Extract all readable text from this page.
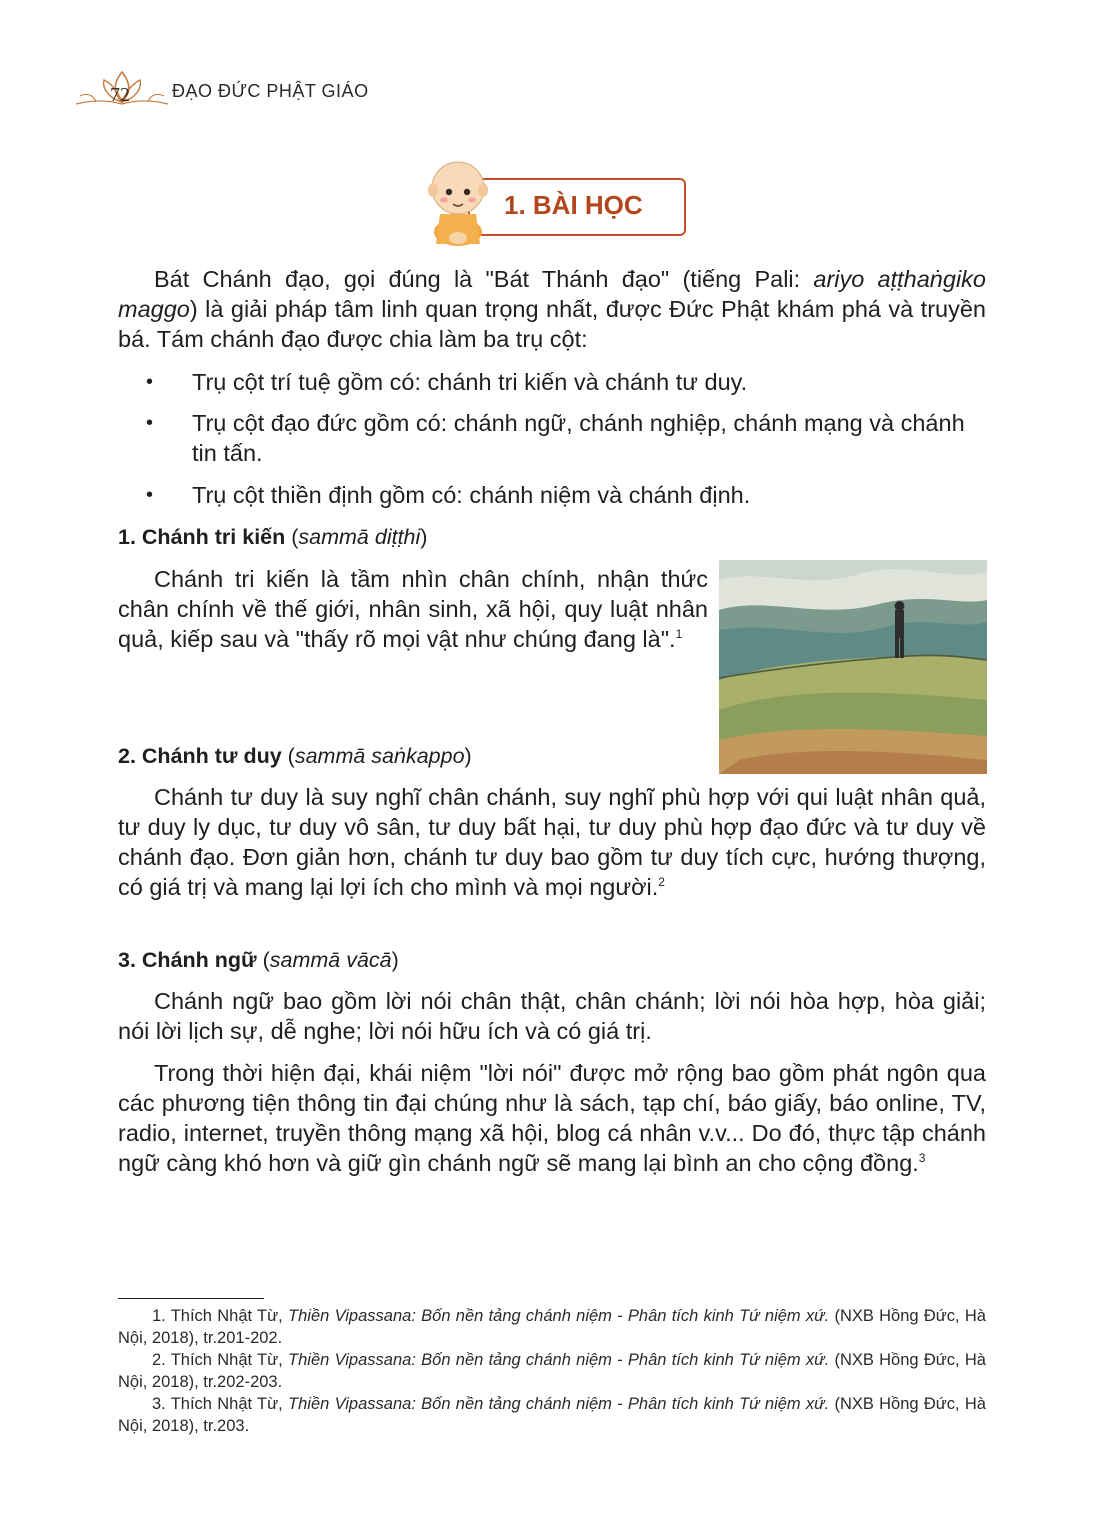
72 ĐẠO ĐỨC PHẬT GIÁO
1. BÀI HỌC

Bát Chánh đạo, gọi đúng là "Bát Thánh đạo" (tiếng Pali: ariyo aṭṭhaṅgiko maggo) là giải pháp tâm linh quan trọng nhất, được Đức Phật khám phá và truyền bá. Tám chánh đạo được chia làm ba trụ cột:

• Trụ cột trí tuệ gồm có: chánh tri kiến và chánh tư duy.
• Trụ cột đạo đức gồm có: chánh ngữ, chánh nghiệp, chánh mạng và chánh tin tấn.
• Trụ cột thiền định gồm có: chánh niệm và chánh định.

1. Chánh tri kiến (sammā diṭṭhi)

Chánh tri kiến là tầm nhìn chân chính, nhận thức chân chính về thế giới, nhân sinh, xã hội, quy luật nhân quả, kiếp sau và "thấy rõ mọi vật như chúng đang là".$^1$

2. Chánh tư duy (sammā saṅkappo)

Chánh tư duy là suy nghĩ chân chánh, suy nghĩ phù hợp với qui luật nhân quả, tư duy ly dục, tư duy vô sân, tư duy bất hại, tư duy phù hợp đạo đức và tư duy về chánh đạo. Đơn giản hơn, chánh tư duy bao gồm tư duy tích cực, hướng thượng, có giá trị và mang lại lợi ích cho mình và mọi người.$^2$

3. Chánh ngữ (sammā vācā)

Chánh ngữ bao gồm lời nói chân thật, chân chánh; lời nói hòa hợp, hòa giải; nói lời lịch sự, dễ nghe; lời nói hữu ích và có giá trị.

Trong thời hiện đại, khái niệm "lời nói" được mở rộng bao gồm phát ngôn qua các phương tiện thông tin đại chúng như là sách, tạp chí, báo giấy, báo online, TV, radio, internet, truyền thông mạng xã hội, blog cá nhân v.v... Do đó, thực tập chánh ngữ càng khó hơn và giữ gìn chánh ngữ sẽ mang lại bình an cho cộng đồng.$^3$

1. Thích Nhật Từ, Thiền Vipassana: Bốn nền tảng chánh niệm - Phân tích kinh Tứ niệm xứ. (NXB Hồng Đức, Hà Nội, 2018), tr.201-202.

2. Thích Nhật Từ, Thiền Vipassana: Bốn nền tảng chánh niệm - Phân tích kinh Tứ niệm xứ. (NXB Hồng Đức, Hà Nội, 2018), tr.202-203.

3. Thích Nhật Từ, Thiền Vipassana: Bốn nền tảng chánh niệm - Phân tích kinh Tứ niệm xứ. (NXB Hồng Đức, Hà Nội, 2018), tr.203.
